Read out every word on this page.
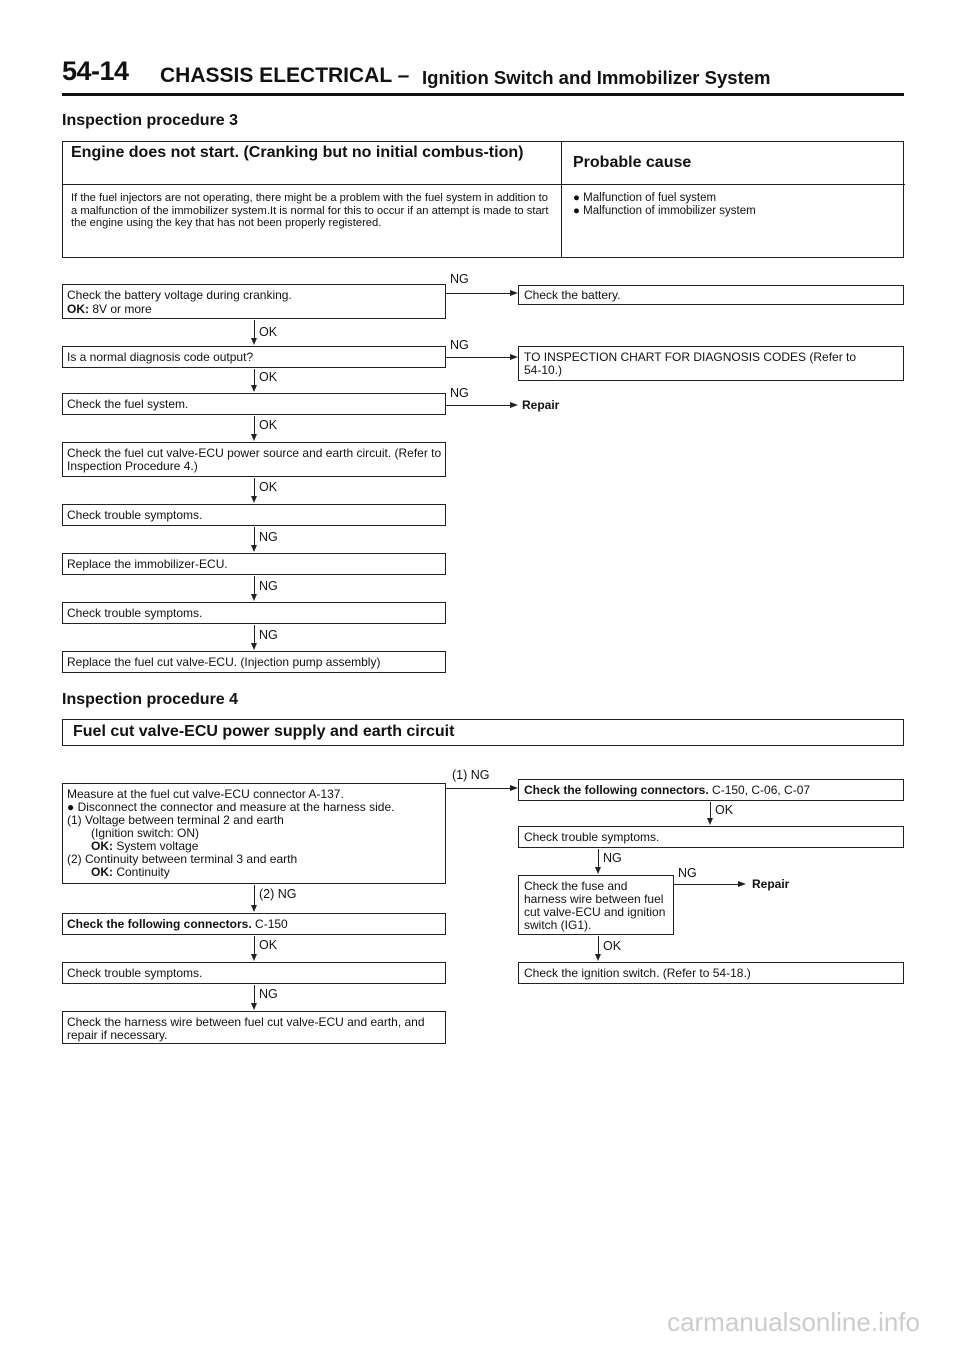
54-14 CHASSIS ELECTRICAL – Ignition Switch and Immobilizer System
Inspection procedure 3
Engine does not start. (Cranking but no initial combus-tion)
Probable cause
If the fuel injectors are not operating, there might be a problem with the fuel system in addition to a malfunction of the immobilizer system.It is normal for this to occur if an attempt is made to start the engine using the key that has not been properly registered.
● Malfunction of fuel system
● Malfunction of immobilizer system
Check the battery voltage during cranking.
OK: 8V or more
NG
Check the battery.
OK
Is a normal diagnosis code output?
NG
TO INSPECTION CHART FOR DIAGNOSIS CODES (Refer to 54-10.)
OK
Check the fuel system.
NG
Repair
OK
Check the fuel cut valve-ECU power source and earth circuit. (Refer to Inspection Procedure 4.)
OK
Check trouble symptoms.
NG
Replace the immobilizer-ECU.
NG
Check trouble symptoms.
NG
Replace the fuel cut valve-ECU. (Injection pump assembly)
Inspection procedure 4
Fuel cut valve-ECU power supply and earth circuit
Measure at the fuel cut valve-ECU connector A-137.
● Disconnect the connector and measure at the harness side.
(1) Voltage between terminal 2 and earth
(Ignition switch: ON)
OK: System voltage
(2) Continuity between terminal 3 and earth
OK: Continuity
(1) NG
Check the following connectors. C-150, C-06, C-07
OK
Check trouble symptoms.
NG
Check the fuse and harness wire between fuel cut valve-ECU and ignition switch (IG1).
NG
Repair
OK
Check the ignition switch. (Refer to 54-18.)
(2) NG
Check the following connectors. C-150
OK
Check trouble symptoms.
NG
Check the harness wire between fuel cut valve-ECU and earth, and repair if necessary.
carmanualsonline.info
